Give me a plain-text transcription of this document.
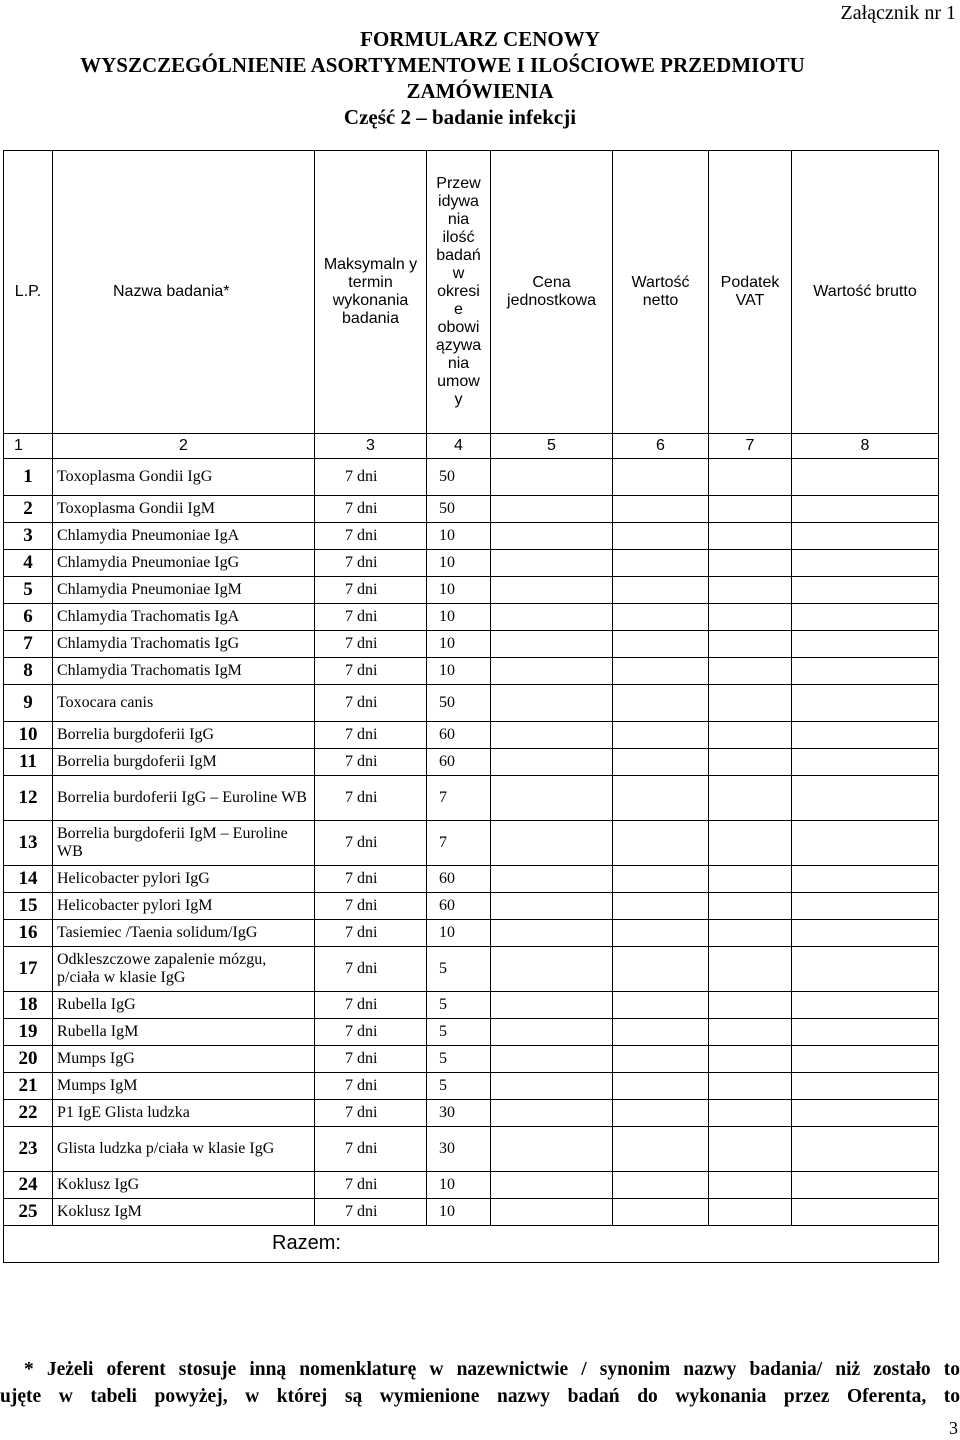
Załącznik nr 1
FORMULARZ CENOWY
WYSZCZEGÓLNIENIE ASORTYMENTOWE I ILOŚCIOWE PRZEDMIOTU
ZAMÓWIENIA
Część 2 – badanie infekcji
L.P.	Nazwa badania*	Maksymaln y termin wykonania badania	Przew idywa nia ilość badań w okresi e obowi ązywa nia umow y	Cena jednostkowa	Wartość netto	Podatek VAT	Wartość brutto
1	2	3	4	5	6	7	8
1	Toxoplasma Gondii IgG	7 dni	50				
2	Toxoplasma Gondii IgM	7 dni	50				
3	Chlamydia Pneumoniae IgA	7 dni	10				
4	Chlamydia Pneumoniae IgG	7 dni	10				
5	Chlamydia Pneumoniae IgM	7 dni	10				
6	Chlamydia Trachomatis IgA	7 dni	10				
7	Chlamydia Trachomatis IgG	7 dni	10				
8	Chlamydia Trachomatis IgM	7 dni	10				
9	Toxocara canis	7 dni	50				
10	Borrelia burgdoferii IgG	7 dni	60				
11	Borrelia burgdoferii IgM	7 dni	60				
12	Borrelia burdoferii IgG – Euroline WB	7 dni	7				
13	Borrelia burgdoferii IgM – Euroline WB	7 dni	7				
14	Helicobacter pylori IgG	7 dni	60				
15	Helicobacter pylori IgM	7 dni	60				
16	Tasiemiec /Taenia solidum/IgG	7 dni	10				
17	Odkleszczowe zapalenie mózgu, p/ciała w klasie IgG	7 dni	5				
18	Rubella IgG	7 dni	5				
19	Rubella IgM	7 dni	5				
20	Mumps IgG	7 dni	5				
21	Mumps IgM	7 dni	5				
22	P1 IgE Glista ludzka	7 dni	30				
23	Glista ludzka p/ciała w klasie IgG	7 dni	30				
24	Koklusz IgG	7 dni	10				
25	Koklusz IgM	7 dni	10				
Razem:							
* Jeżeli oferent stosuje inną nomenklaturę w nazewnictwie / synonim nazwy badania/ niż zostało to
ujęte w tabeli powyżej, w której są wymienione nazwy badań do wykonania przez Oferenta, to
3
